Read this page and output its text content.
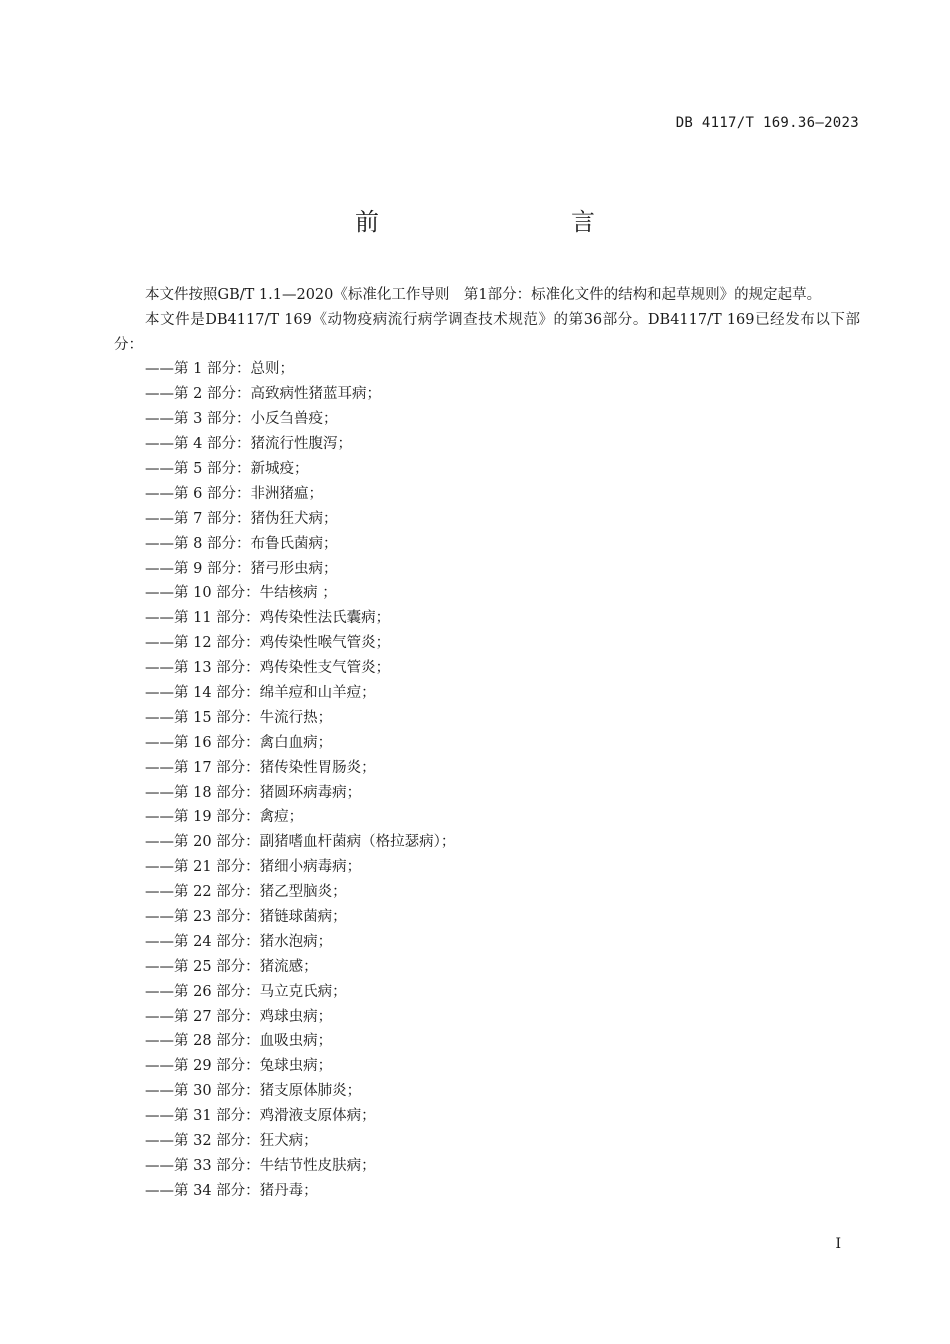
DB 4117/T 169.36—2023
前　　言

本文件按照GB/T 1.1—2020《标准化工作导则　第1部分：标准化文件的结构和起草规则》的规定起草。

本文件是DB4117/T 169《动物疫病流行病学调查技术规范》的第36部分。DB4117/T 169已经发布以下部分：

——第 1 部分：总则；
——第 2 部分：高致病性猪蓝耳病；
——第 3 部分：小反刍兽疫；
——第 4 部分：猪流行性腹泻；
——第 5 部分：新城疫；
——第 6 部分：非洲猪瘟；
——第 7 部分：猪伪狂犬病；
——第 8 部分：布鲁氏菌病；
——第 9 部分：猪弓形虫病；
——第 10 部分：牛结核病 ；
——第 11 部分：鸡传染性法氏囊病；
——第 12 部分：鸡传染性喉气管炎；
——第 13 部分：鸡传染性支气管炎；
——第 14 部分：绵羊痘和山羊痘；
——第 15 部分：牛流行热；
——第 16 部分：禽白血病；
——第 17 部分：猪传染性胃肠炎；
——第 18 部分：猪圆环病毒病；
——第 19 部分：禽痘；
——第 20 部分：副猪嗜血杆菌病（格拉瑟病）；
——第 21 部分：猪细小病毒病；
——第 22 部分：猪乙型脑炎；
——第 23 部分：猪链球菌病；
——第 24 部分：猪水泡病；
——第 25 部分：猪流感；
——第 26 部分：马立克氏病；
——第 27 部分：鸡球虫病；
——第 28 部分：血吸虫病；
——第 29 部分：兔球虫病；
——第 30 部分：猪支原体肺炎；
——第 31 部分：鸡滑液支原体病；
——第 32 部分：狂犬病；
——第 33 部分：牛结节性皮肤病；
——第 34 部分：猪丹毒；
I
